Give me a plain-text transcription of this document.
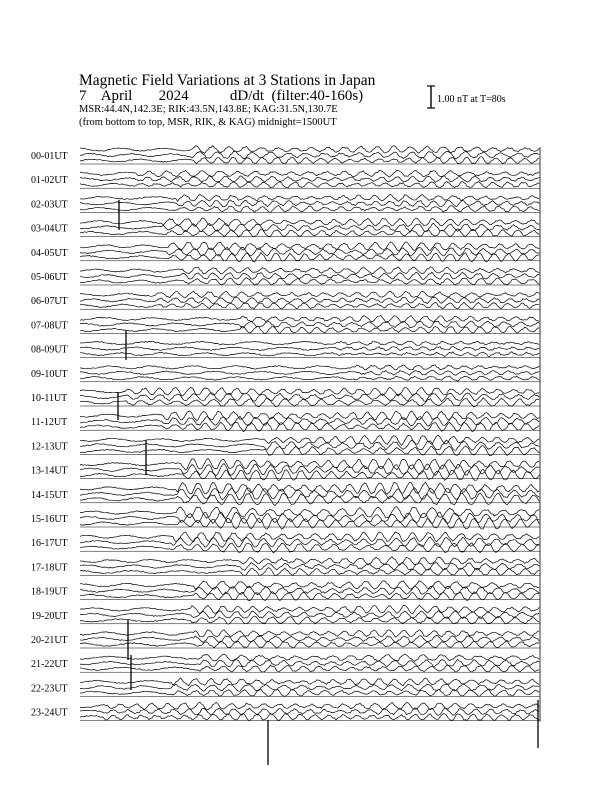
Magnetic Field Variations at 3 Stations in Japan
7 April 2024	dD/dt (filter:40-160s)
MSR:44.4N,142.3E; RIK:43.5N,143.8E; KAG:31.5N,130.7E
(from bottom to top, MSR, RIK, & KAG) midnight=1500UT
1.00 nT at T=80s
00-01UT
01-02UT
02-03UT
03-04UT
04-05UT
05-06UT
06-07UT
07-08UT
08-09UT
09-10UT
10-11UT
11-12UT
12-13UT
13-14UT
14-15UT
15-16UT
16-17UT
17-18UT
18-19UT
19-20UT
20-21UT
21-22UT
22-23UT
23-24UT
